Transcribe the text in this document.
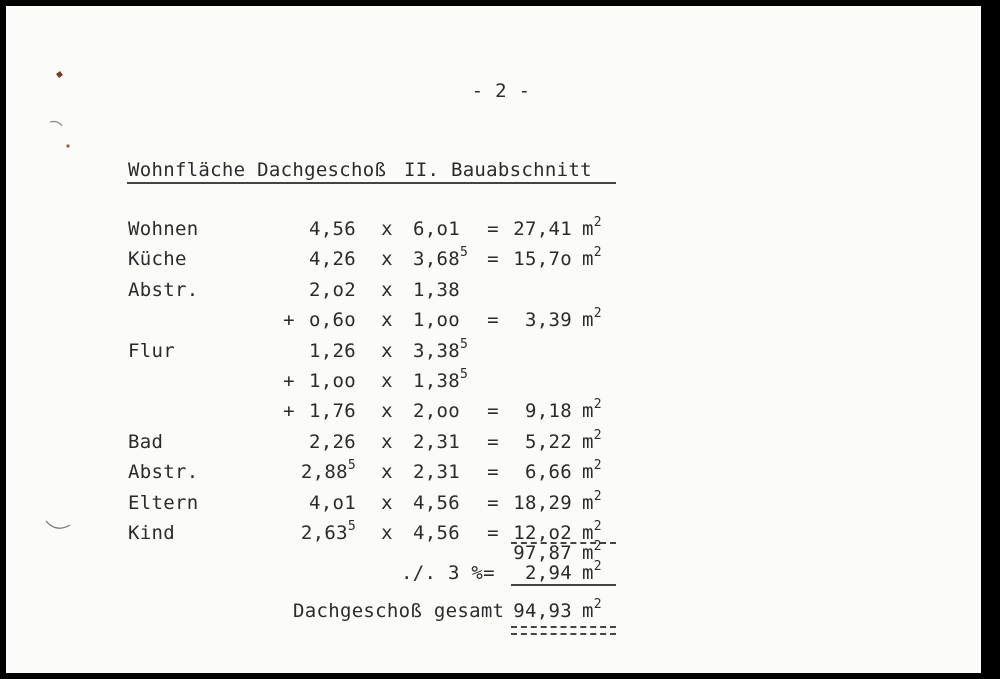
- 2 -
Wohnfläche Dachgeschoß II. Bauabschnitt
Wohnen	4,56 x 6,o1 = 27,41 $m^2$
Küche	4,26 x $3,68^5 = 15,7o$ $m^2$
Abstr.	2,o2 x 1,38
+ o,6o x 1,oo =	3,39 $m^2$
Flur	1,26 x $3,38^5$
+ 1,oo x $1,38^5$
+ 1,76 x 2,oo =	9,18 $m^2$
Bad	2,26 x 2,31 =	5,22 $m^2$
Abstr.	2,88$^5$ x 2,31 =	6,66 $m^2$
Eltern	4,o1 x 4,56 = 18,29 $m^2$
Kind	2,63$^5$ x 4,56 = 12,o2 $m^2$
97,87 $m^2$
./. 3 %=	2,94 $m^2$
Dachgeschoß gesamt 94,93 $m^2$
